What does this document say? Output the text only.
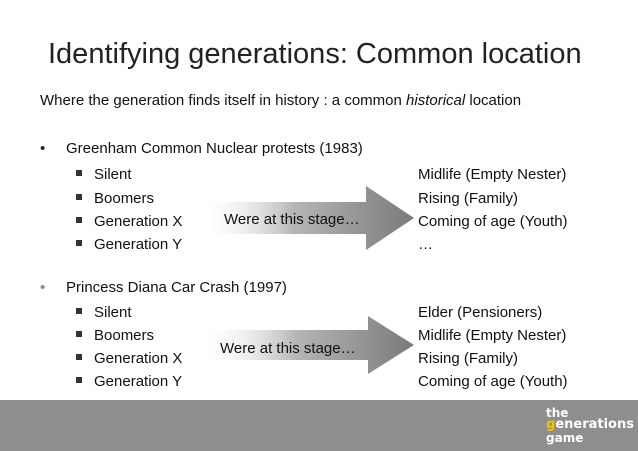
Identifying generations: Common location
Where the generation finds itself in history : a common historical location
• Greenham Common Nuclear protests (1983)
Silent
Boomers
Generation X
Generation Y
Midlife (Empty Nester)
Rising (Family)
Coming of age (Youth)
…
Were at this stage…
• Princess Diana Car Crash (1997)
Silent
Boomers
Generation X
Generation Y
Elder (Pensioners)
Midlife (Empty Nester)
Rising (Family)
Coming of age (Youth)
Were at this stage…
the
generations
game
